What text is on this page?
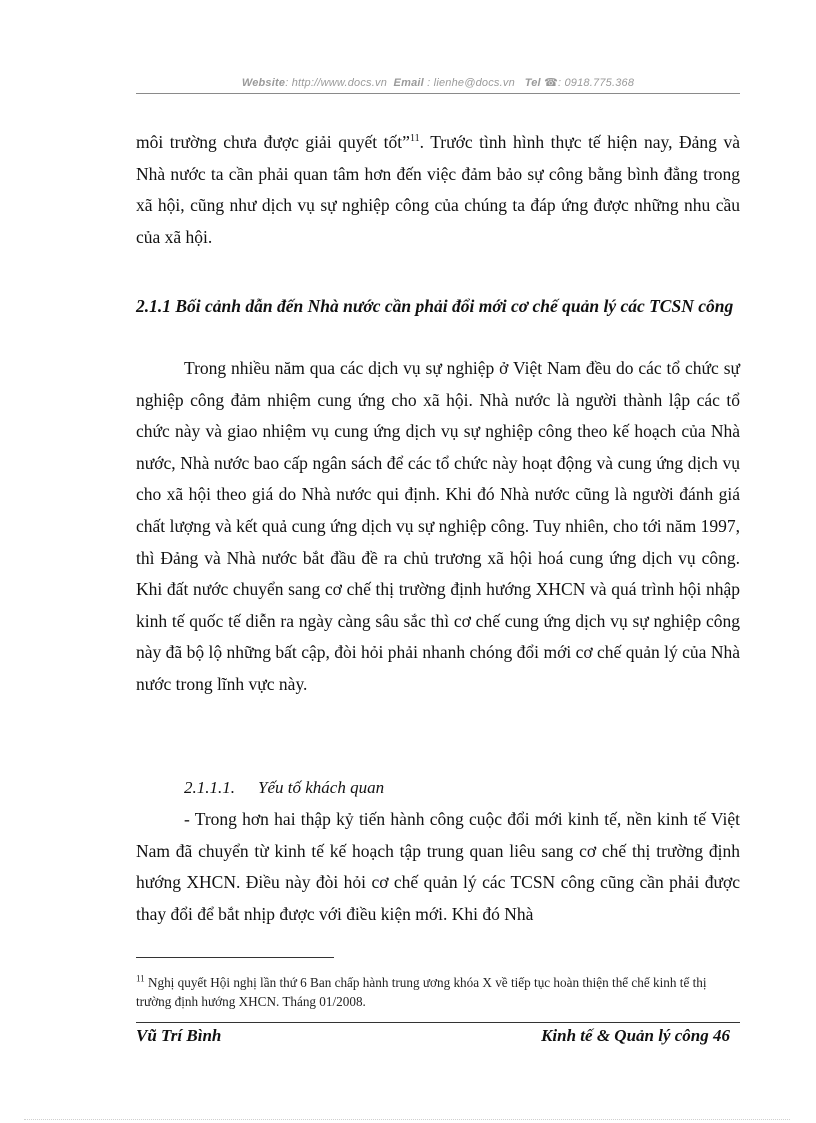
Website: http://www.docs.vn Email : lienhe@docs.vn Tel ☎: 0918.775.368

môi trường chưa được giải quyết tốt”$^{11}$. Trước tình hình thực tế hiện nay, Đảng và Nhà nước ta cần phải quan tâm hơn đến việc đảm bảo sự công bằng bình đẳng trong xã hội, cũng như dịch vụ sự nghiệp công của chúng ta đáp ứng được những nhu cầu của xã hội.

2.1.1 Bối cảnh dẫn đến Nhà nước cần phải đổi mới cơ chế quản lý các TCSN công

Trong nhiều năm qua các dịch vụ sự nghiệp ở Việt Nam đều do các tổ chức sự nghiệp công đảm nhiệm cung ứng cho xã hội. Nhà nước là người thành lập các tổ chức này và giao nhiệm vụ cung ứng dịch vụ sự nghiệp công theo kế hoạch của Nhà nước, Nhà nước bao cấp ngân sách để các tổ chức này hoạt động và cung ứng dịch vụ cho xã hội theo giá do Nhà nước qui định. Khi đó Nhà nước cũng là người đánh giá chất lượng và kết quả cung ứng dịch vụ sự nghiệp công. Tuy nhiên, cho tới năm 1997, thì Đảng và Nhà nước bắt đầu đề ra chủ trương xã hội hoá cung ứng dịch vụ công. Khi đất nước chuyển sang cơ chế thị trường định hướng XHCN và quá trình hội nhập kinh tế quốc tế diễn ra ngày càng sâu sắc thì cơ chế cung ứng dịch vụ sự nghiệp công này đã bộ lộ những bất cập, đòi hỏi phải nhanh chóng đổi mới cơ chế quản lý của Nhà nước trong lĩnh vực này.

2.1.1.1. Yếu tố khách quan

- Trong hơn hai thập kỷ tiến hành công cuộc đổi mới kinh tế, nền kinh tế Việt Nam đã chuyển từ kinh tế kế hoạch tập trung quan liêu sang cơ chế thị trường định hướng XHCN. Điều này đòi hỏi cơ chế quản lý các TCSN công cũng cần phải được thay đổi để bắt nhịp được với điều kiện mới. Khi đó Nhà

$^{11}$ Nghị quyết Hội nghị lần thứ 6 Ban chấp hành trung ương khóa X về tiếp tục hoàn thiện thể chế kinh tế thị trường định hướng XHCN. Tháng 01/2008.
Vũ Trí Bình	Kinh tế & Quản lý công 46
